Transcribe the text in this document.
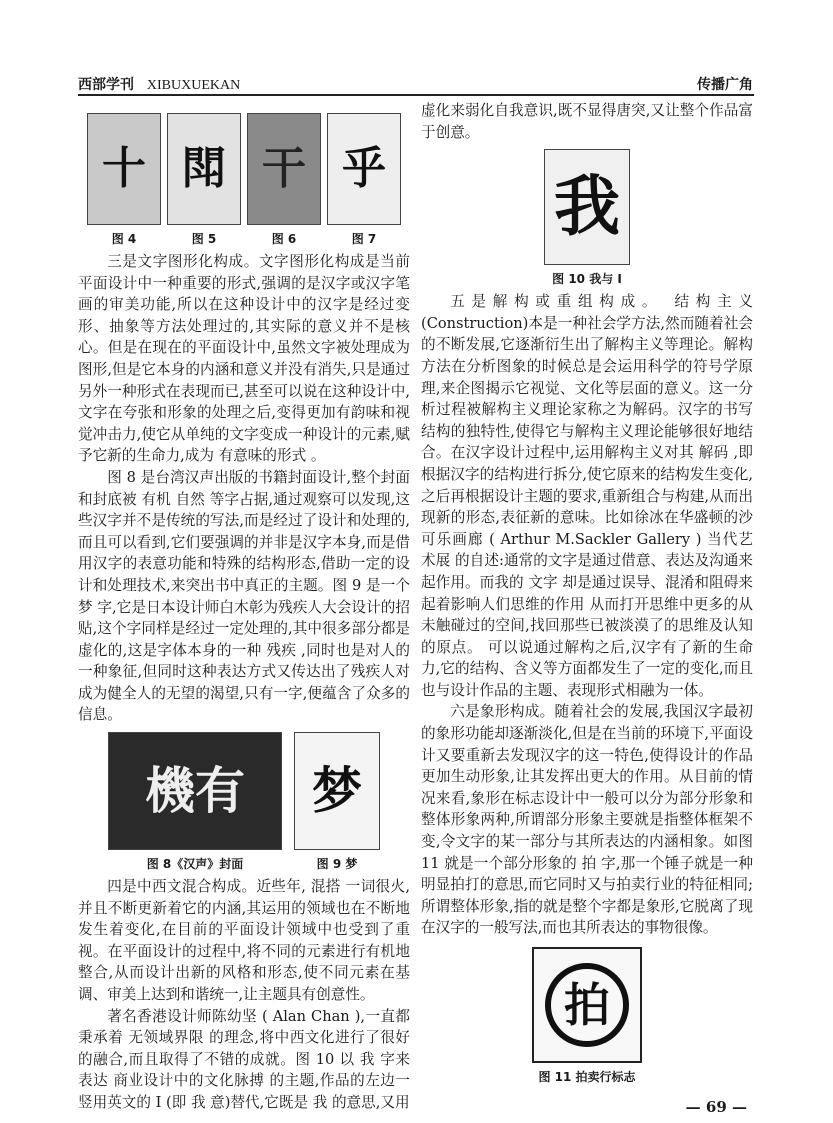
西部学刊 XIBUXUEKAN	传播广角
十
图 4
閗
图 5
干
图 6
乎
图 7

三是文字图形化构成。文字图形化构成是当前平面设计中一种重要的形式,强调的是汉字或汉字笔画的审美功能,所以在这种设计中的汉字是经过变形、抽象等方法处理过的,其实际的意义并不是核心。但是在现在的平面设计中,虽然文字被处理成为图形,但是它本身的内涵和意义并没有消失,只是通过另外一种形式在表现而已,甚至可以说在这种设计中,文字在夸张和形象的处理之后,变得更加有韵味和视觉冲击力,使它从单纯的文字变成一种设计的元素,赋予它新的生命力,成为 有意味的形式 。

图 8 是台湾汉声出版的书籍封面设计,整个封面和封底被 有机 自然 等字占据,通过观察可以发现,这些汉字并不是传统的写法,而是经过了设计和处理的,而且可以看到,它们要强调的并非是汉字本身,而是借用汉字的表意功能和特殊的结构形态,借助一定的设计和处理技术,来突出书中真正的主题。图 9 是一个 梦 字,它是日本设计师白木彰为残疾人大会设计的招贴,这个字同样是经过一定处理的,其中很多部分都是虚化的,这是字体本身的一种 残疾 ,同时也是对人的一种象征,但同时这种表达方式又传达出了残疾人对成为健全人的无望的渴望,只有一字,便蕴含了众多的信息。

機有
图 8《汉声》封面
梦
图 9 梦

四是中西文混合构成。近些年, 混搭 一词很火,并且不断更新着它的内涵,其运用的领域也在不断地发生着变化,在目前的平面设计领域中也受到了重视。在平面设计的过程中,将不同的元素进行有机地整合,从而设计出新的风格和形态,使不同元素在基调、审美上达到和谐统一,让主题具有创意性。

著名香港设计师陈幼坚 ( Alan Chan ),一直都秉承着 无领域界限 的理念,将中西文化进行了很好的融合,而且取得了不错的成就。图 10 以 我 字来表达 商业设计中的文化脉搏 的主题,作品的左边一竖用英文的 I (即 我 意)替代,它既是 我 的意思,又用

虚化来弱化自我意识,既不显得唐突,又让整个作品富于创意。

我
图 10 我与 I

五是解构或重组构成。 结构主义 (Construction)本是一种社会学方法,然而随着社会的不断发展,它逐渐衍生出了解构主义等理论。解构方法在分析图象的时候总是会运用科学的符号学原理,来企图揭示它视觉、文化等层面的意义。这一分析过程被解构主义理论家称之为解码。汉字的书写结构的独特性,使得它与解构主义理论能够很好地结合。在汉字设计过程中,运用解构主义对其 解码 ,即根据汉字的结构进行拆分,使它原来的结构发生变化,之后再根据设计主题的要求,重新组合与构建,从而出现新的形态,表征新的意味。比如徐冰在华盛顿的沙可乐画廊 ( Arthur M.Sackler Gallery ) 当代艺术展 的自述:通常的文字是通过借意、表达及沟通来起作用。而我的 文字 却是通过误导、混淆和阻碍来起着影响人们思维的作用 从而打开思维中更多的从未触碰过的空间,找回那些已被淡漠了的思维及认知的原点。 可以说通过解构之后,汉字有了新的生命力,它的结构、含义等方面都发生了一定的变化,而且也与设计作品的主题、表现形式相融为一体。

六是象形构成。随着社会的发展,我国汉字最初的象形功能却逐渐淡化,但是在当前的环境下,平面设计又要重新去发现汉字的这一特色,使得设计的作品更加生动形象,让其发挥出更大的作用。从目前的情况来看,象形在标志设计中一般可以分为部分形象和整体形象两种,所谓部分形象主要就是指整体框架不变,令文字的某一部分与其所表达的内涵相象。如图 11 就是一个部分形象的 拍 字,那一个锤子就是一种明显拍打的意思,而它同时又与拍卖行业的特征相同;所谓整体形象,指的就是整个字都是象形,它脱离了现在汉字的一般写法,而也其所表达的事物很像。

拍
图 11 拍卖行标志
— 69 —
